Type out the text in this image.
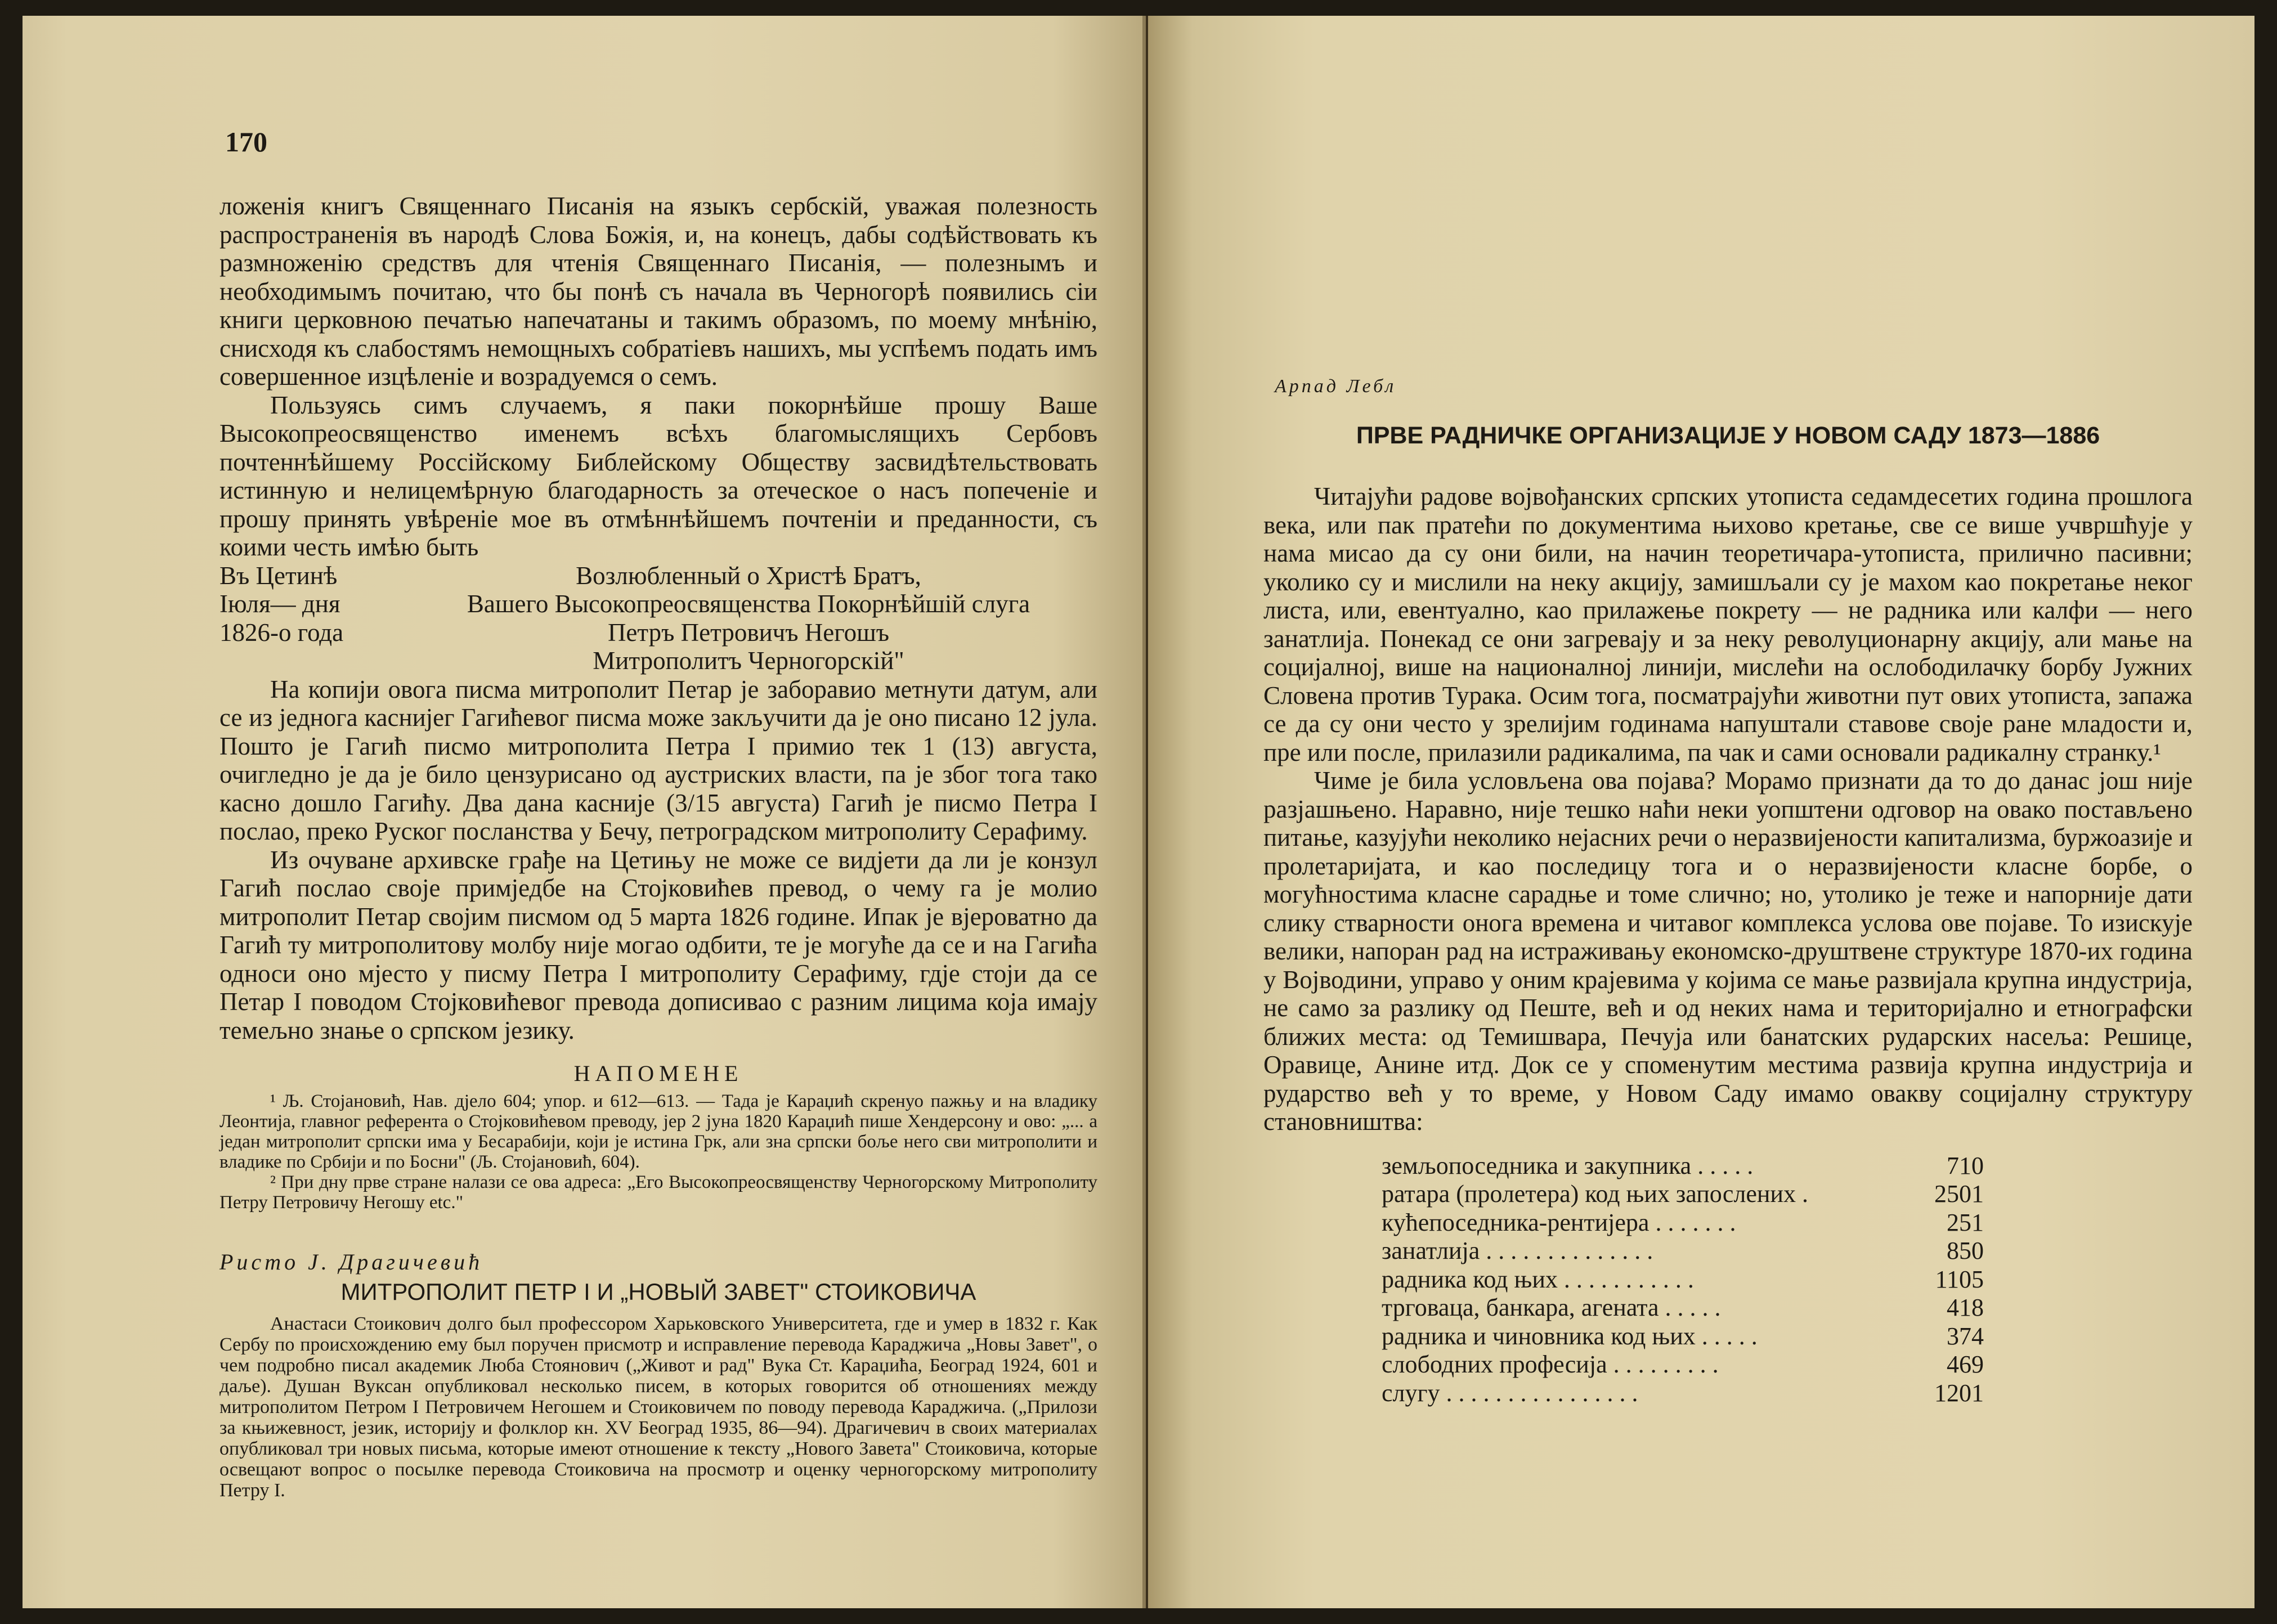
170

ложенія книгъ Священнаго Писанія на языкъ сербскій, уважая полезность распространенія въ народѣ Слова Божія, и, на конецъ, дабы содѣйствовать къ размноженію средствъ для чтенія Священнаго Писанія, — полезнымъ и необходимымъ почитаю, что бы понѣ съ начала въ Черногорѣ появились сіи книги церковною печатью напечатаны и такимъ образомъ, по моему мнѣнію, снисходя къ слабостямъ немощныхъ собратіевъ нашихъ, мы успѣемъ подать имъ совершенное изцѣленіе и возрадуемся о семъ.

Пользуясь симъ случаемъ, я паки покорнѣйше прошу Ваше Высокопреосвященство именемъ всѣхъ благомыслящихъ Сербовъ почтеннѣйшему Россійскому Библейскому Обществу засвидѣтельствовать истинную и нелицемѣрную благодарность за отеческое о насъ попеченіе и прошу принять увѣреніе мое въ отмѣннѣйшемъ почтеніи и преданности, съ коими честь имѣю быть

Въ Цетинѣ
Іюля— дня
1826-о года
Возлюбленный о Христѣ Братъ,
Вашего Высокопреосвященства Покорнѣйшій слуга
Петръ Петровичъ Негошъ
Митрополитъ Черногорскій"

На копији овога писма митрополит Петар је заборавио метнути датум, али се из једнога каснијег Гагићевог писма може закључити да је оно писано 12 јула. Пошто је Гагић писмо митрополита Петра I примио тек 1 (13) августа, очигледно је да је било цензурисано од аустриских власти, па је због тога тако касно дошло Гагићу. Два дана касније (3/15 августа) Гагић је писмо Петра I послао, преко Руског посланства у Бечу, петроградском митрополиту Серафиму.

Из очуване архивске грађе на Цетињу не може се видјети да ли је конзул Гагић послао своје примједбе на Стојковићев превод, о чему га је молио митрополит Петар својим писмом од 5 марта 1826 године. Ипак је вјероватно да Гагић ту митрополитову молбу није могао одбити, те је могуће да се и на Гагића односи оно мјесто у писму Петра I митрополиту Серафиму, гдје стоји да се Петар I поводом Стојковићевог превода дописивао с разним лицима која имају темељно знање о српском језику.

НАПОМЕНЕ

¹ Љ. Стојановић, Нав. дјело 604; упор. и 612—613. — Тада је Караџић скренуо пажњу и на владику Леонтија, главног референта о Стојковићевом преводу, јер 2 јуна 1820 Караџић пише Хендерсону и ово: „... а један митрополит српски има у Бесарабији, који је истина Грк, али зна српски боље него сви митрополити и владике по Србији и по Босни" (Љ. Стојановић, 604).

² При дну прве стране налази се ова адреса: „Его Высокопреосвященству Черногорскому Митрополиту Петру Петровичу Негошу etc."

Ристо Ј. Драгичевић
МИТРОПОЛИТ ПЕТР I И „НОВЫЙ ЗАВЕТ" СТОИКОВИЧА

Анастаси Стоикович долго был профессором Харьковского Университета, где и умер в 1832 г. Как Сербу по происхождению ему был поручен присмотр и исправление перевода Караджича „Новы Завет", о чем подробно писал академик Люба Стоянович („Живот и рад" Вука Ст. Караџића, Београд 1924, 601 и даље). Душан Вуксан опубликовал несколько писем, в которых говорится об отношениях между митрополитом Петром I Петровичем Негошем и Стоиковичем по поводу перевода Караджича. („Прилози за књижевност, језик, историју и фолклор кн. XV Београд 1935, 86—94). Драгичевич в своих материалах опубликовал три новых письма, которые имеют отношение к тексту „Нового Завета" Стоиковича, которые освещают вопрос о посылке перевода Стоиковича на просмотр и оценку черногорскому митрополиту Петру I.

Арпад Лебл
ПРВЕ РАДНИЧКЕ ОРГАНИЗАЦИЈЕ У НОВОМ САДУ 1873—1886

Читајући радове војвођанских српских утописта седамдесетих година прошлога века, или пак пратећи по документима њихово кретање, све се више учвршћује у нама мисао да су они били, на начин теоретичара-утописта, прилично пасивни; уколико су и мислили на неку акцију, замишљали су је махом као покретање неког листа, или, евентуално, као прилажење покрету — не радника или калфи — него занатлија. Понекад се они загревају и за неку револуционарну акцију, али мање на социјалној, више на националној линији, мислећи на ослободилачку борбу Јужних Словена против Турака. Осим тога, посматрајући животни пут ових утописта, запажа се да су они често у зрелијим годинама напуштали ставове своје ране младости и, пре или после, прилазили радикалима, па чак и сами основали радикалну странку.¹

Чиме је била условљена ова појава? Морамо признати да то до данас још није разјашњено. Наравно, није тешко наћи неки уопштени одговор на овако постављено питање, казујући неколико нејасних речи о неразвијености капитализма, буржоазије и пролетаријата, и као последицу тога и о неразвијености класне борбе, о могућностима класне сарадње и томе слично; но, утолико је теже и напорније дати слику стварности онога времена и читавог комплекса услова ове појаве. То изискује велики, напоран рад на истраживању економско-друштвене структуре 1870-их година у Војводини, управо у оним крајевима у којима се мање развијала крупна индустрија, не само за разлику од Пеште, већ и од неких нама и територијално и етнографски ближих места: од Темишвара, Печуја или банатских рударских насеља: Решице, Оравице, Анине итд. Док се у споменутим местима развија крупна индустрија и рударство већ у то време, у Новом Саду имамо овакву социјалну структуру становништва:

земљопоседника и закупника . . . . .	710
ратара (пролетера) код њих запослених .	2501
кућепоседника-рентијера . . . . . . .	251
занатлија . . . . . . . . . . . . . .	850
радника код њих . . . . . . . . . . .	1105
трговаца, банкара, агената . . . . .	418
радника и чиновника код њих . . . . .	374
слободних професија . . . . . . . . .	469
слугу . . . . . . . . . . . . . . . .	1201
